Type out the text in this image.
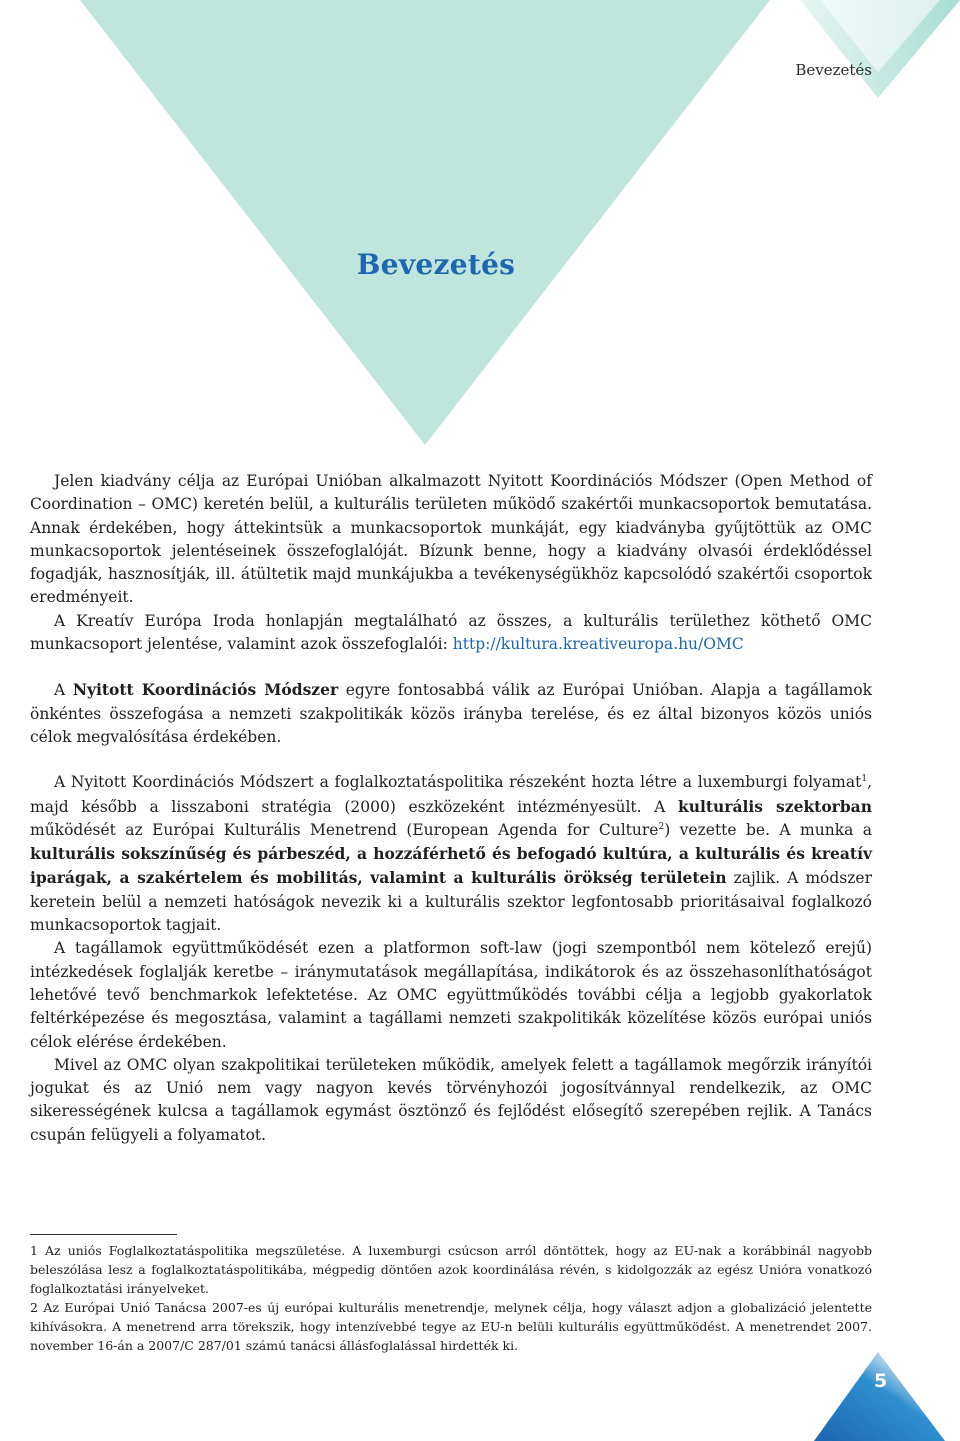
Bevezetés
Bevezetés

Jelen kiadvány célja az Európai Unióban alkalmazott Nyitott Koordinációs Módszer (Open Method of Coordination – OMC) keretén belül, a kulturális területen működő szakértői munkacsoportok bemutatása. Annak érdekében, hogy áttekintsük a munkacsoportok munkáját, egy kiadványba gyűjtöttük az OMC munkacsoportok jelentéseinek összefoglalóját. Bízunk benne, hogy a kiadvány olvasói érdeklődéssel fogadják, hasznosítják, ill. átültetik majd munkájukba a tevékenységükhöz kapcsolódó szakértői csoportok eredményeit.

A Kreatív Európa Iroda honlapján megtalálható az összes, a kulturális területhez köthető OMC munkacsoport jelentése, valamint azok összefoglalói: http://kultura.kreativeuropa.hu/OMC

A Nyitott Koordinációs Módszer egyre fontosabbá válik az Európai Unióban. Alapja a tagállamok önkéntes összefogása a nemzeti szakpolitikák közös irányba terelése, és ez által bizonyos közös uniós célok megvalósítása érdekében.

A Nyitott Koordinációs Módszert a foglalkoztatáspolitika részeként hozta létre a luxemburgi folyamat$^1$, majd később a lisszaboni stratégia (2000) eszközeként intézményesült. A kulturális szektorban működését az Európai Kulturális Menetrend (European Agenda for Culture$^2$) vezette be. A munka a kulturális sokszínűség és párbeszéd, a hozzáférhető és befogadó kultúra, a kulturális és kreatív iparágak, a szakértelem és mobilitás, valamint a kulturális örökség területein zajlik. A módszer keretein belül a nemzeti hatóságok nevezik ki a kulturális szektor legfontosabb prioritásaival foglalkozó munkacsoportok tagjait.

A tagállamok együttműködését ezen a platformon soft-law (jogi szempontból nem kötelező erejű) intézkedések foglalják keretbe – iránymutatások megállapítása, indikátorok és az összehasonlíthatóságot lehetővé tevő benchmarkok lefektetése. Az OMC együttműködés további célja a legjobb gyakorlatok feltérképezése és megosztása, valamint a tagállami nemzeti szakpolitikák közelítése közös európai uniós célok elérése érdekében.

Mivel az OMC olyan szakpolitikai területeken működik, amelyek felett a tagállamok megőrzik irányítói jogukat és az Unió nem vagy nagyon kevés törvényhozói jogosítvánnyal rendelkezik, az OMC sikerességének kulcsa a tagállamok egymást ösztönző és fejlődést elősegítő szerepében rejlik. A Tanács csupán felügyeli a folyamatot.

1 Az uniós Foglalkoztatáspolitika megszületése. A luxemburgi csúcson arról döntöttek, hogy az EU-nak a korábbinál nagyobb beleszólása lesz a foglalkoztatáspolitikába, mégpedig döntően azok koordinálása révén, s kidolgozzák az egész Unióra vonatkozó foglalkoztatási irányelveket.

2 Az Európai Unió Tanácsa 2007-es új európai kulturális menetrendje, melynek célja, hogy választ adjon a globalizáció jelentette kihívásokra. A menetrend arra törekszik, hogy intenzívebbé tegye az EU-n belüli kulturális együttműködést. A menetrendet 2007. november 16-án a 2007/C 287/01 számú tanácsi állásfoglalással hirdették ki.

5
